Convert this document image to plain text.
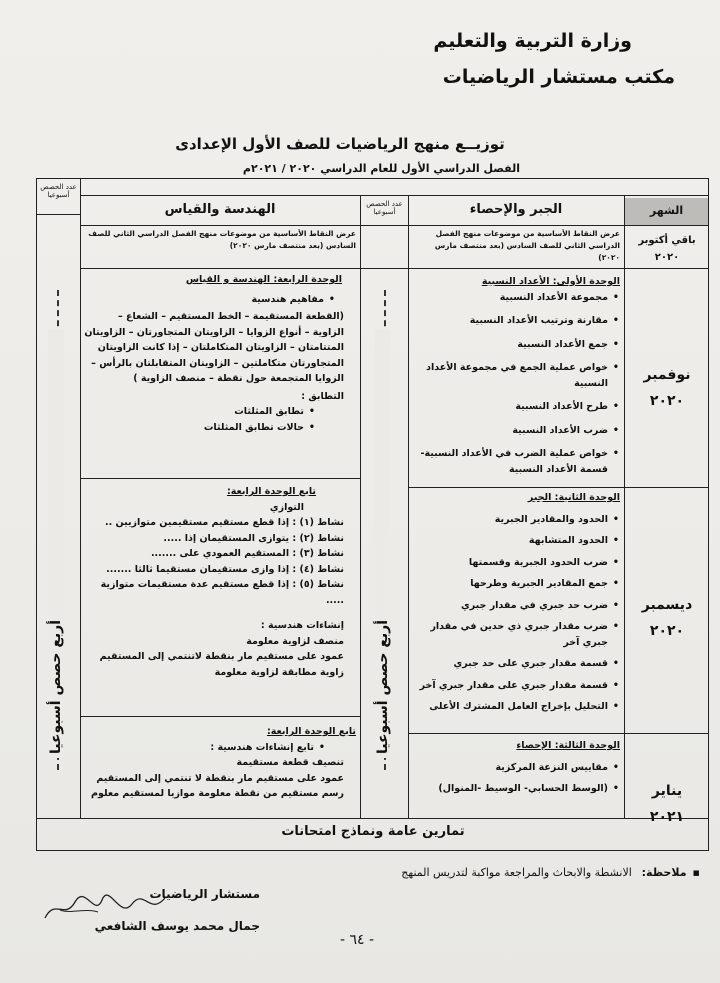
وزارة التربية والتعليم
مكتب مستشار الرياضيات
توزيــع منهج الرياضيات للصف الأول الإعدادى
الفصل الدراسي الأول للعام الدراسي ٢٠٢٠ / ٢٠٢١م
الشهر
الجبر والإحصاء
عدد الحصص أسبوعيا
الهندسة والقياس
عدد الحصص أسبوعيا
باقي أكتوبر
٢٠٢٠
نوفمبر
٢٠٢٠
ديسمبر
٢٠٢٠
يناير
٢٠٢١
عرض النقاط الأساسية من موضوعات منهج الفصل الدراسي الثاني للصف السادس (بعد منتصف مارس ٢٠٢٠)
عرض النقاط الأساسية من موضوعات منهج الفصل الدراسي الثاني للصف السادس (بعد منتصف مارس ٢٠٢٠)
الوحدة الأولى: الأعداد النسبية
• مجموعة الأعداد النسبية
• مقارنة وترتيب الأعداد النسبية
• جمع الأعداد النسبية
• خواص عملية الجمع في مجموعة الأعداد النسبية
• طرح الأعداد النسبية
• ضرب الأعداد النسبية
• خواص عملية الضرب في الأعداد النسبية-قسمة الأعداد النسبية
الوحدة الثانية: الجبر
• الحدود والمقادير الجبرية
• الحدود المتشابهة
• ضرب الحدود الجبرية وقسمتها
• جمع المقادير الجبرية وطرحها
• ضرب حد جبري في مقدار جبري
• ضرب مقدار جبري ذي حدين في مقدار جبري آخر
• قسمة مقدار جبري على حد جبري
• قسمة مقدار جبري على مقدار جبري آخر
• التحليل بإخراج العامل المشترك الأعلى
الوحدة الثالثة: الإحصاء
• مقاييس النزعة المركزية
• (الوسط الحسابي- الوسيط -المنوال)
الوحدة الرابعة: الهندسة و القياس
• مفاهيم هندسية
(القطعة المستقيمة – الخط المستقيم – الشعاع – الزاوية – أنواع الزوايا – الزاويتان المتجاورتان – الزاويتان المتتامتان – الزاويتان المتكاملتان – إذا كانت الزاويتان المتجاورتان متكاملتين – الزاويتان المتقابلتان بالرأس – الزوايا المتجمعة حول نقطة – منصف الزاوية )
التطابق :
• تطابق المثلثات
• حالات تطابق المثلثات
تابع الوحدة الرابعة:
التوازي
نشاط (١) : إذا قطع مستقيم مستقيمين متوازيين ..
نشاط (٢) : يتوازى المستقيمان إذا .....
نشاط (٣) : المستقيم العمودي على .......
نشاط (٤) : إذا وازى مستقيمان مستقيما ثالثا .......
نشاط (٥) : إذا قطع مستقيم عدة مستقيمات متوازية .....
إنشاءات هندسية :
منصف لزاوية معلومة
عمود على مستقيم مار بنقطة لاتنتمي إلى المستقيم
زاوية مطابقة لزاوية معلومة
تابع الوحدة الرابعة:
• تابع إنشاءات هندسية :
تنصيف قطعة مستقيمة
عمود على مستقيم مار بنقطة لا تنتمي إلى المستقيم
رسم مستقيم من نقطة معلومة موازيا لمستقيم معلوم
أربع حصص أسبوعيا	أربع حصص أسبوعيا
تمارين عامة ونماذج امتحانات
▪ملاحظة: الانشطة والابحاث والمراجعة مواكبة لتدريس المنهج
مستشار الرياضيات
جمال محمد يوسف الشافعي
- ٦٤ -
